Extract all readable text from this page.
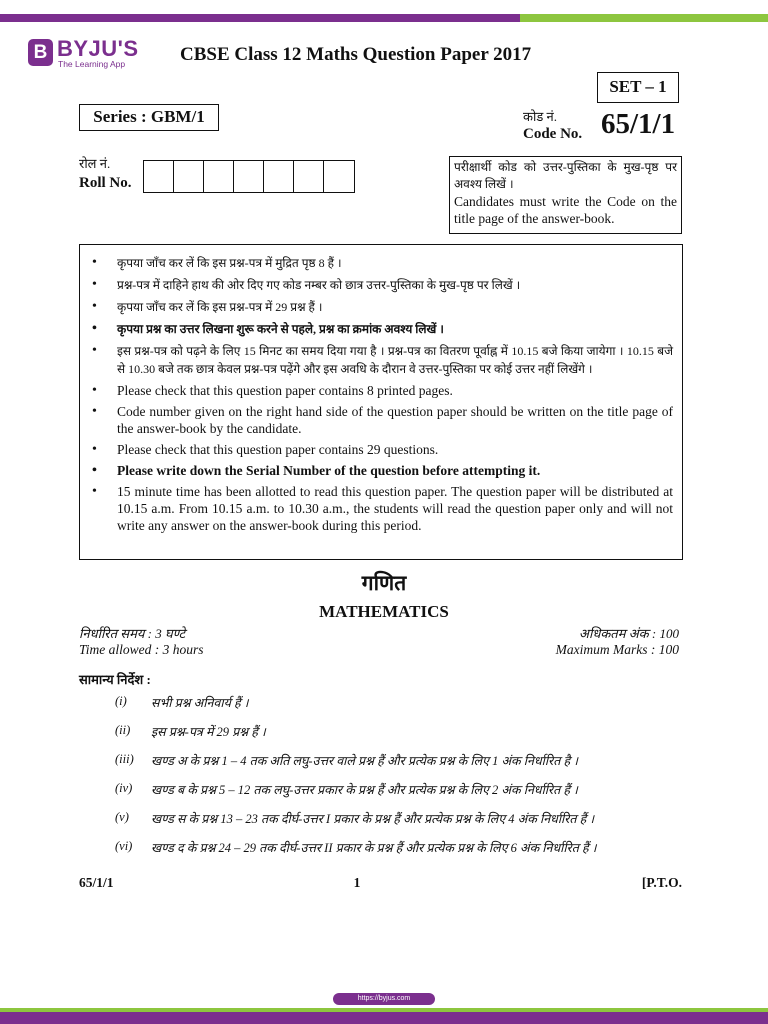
B BYJU'S
The Learning App	CBSE Class 12 Maths Question Paper 2017
SET – 1
Series : GBM/1	कोड नं.
Code No. 65/1/1
रोल नं.
Roll No.
परीक्षार्थी कोड को उत्तर-पुस्तिका के मुख-पृष्ठ पर अवश्य लिखें ।
Candidates must write the Code on the title page of the answer-book.
• कृपया जाँच कर लें कि इस प्रश्न-पत्र में मुद्रित पृष्ठ 8 हैं ।
• प्रश्न-पत्र में दाहिने हाथ की ओर दिए गए कोड नम्बर को छात्र उत्तर-पुस्तिका के मुख-पृष्ठ पर लिखें ।
• कृपया जाँच कर लें कि इस प्रश्न-पत्र में 29 प्रश्न हैं ।
• कृपया प्रश्न का उत्तर लिखना शुरू करने से पहले, प्रश्न का क्रमांक अवश्य लिखें ।
• इस प्रश्न-पत्र को पढ़ने के लिए 15 मिनट का समय दिया गया है । प्रश्न-पत्र का वितरण पूर्वाह्न में 10.15 बजे किया जायेगा । 10.15 बजे से 10.30 बजे तक छात्र केवल प्रश्न-पत्र पढ़ेंगे और इस अवधि के दौरान वे उत्तर-पुस्तिका पर कोई उत्तर नहीं लिखेंगे ।
• Please check that this question paper contains 8 printed pages.
• Code number given on the right hand side of the question paper should be written on the title page of the answer-book by the candidate.
• Please check that this question paper contains 29 questions.
• Please write down the Serial Number of the question before attempting it.
• 15 minute time has been allotted to read this question paper. The question paper will be distributed at 10.15 a.m. From 10.15 a.m. to 10.30 a.m., the students will read the question paper only and will not write any answer on the answer-book during this period.
गणित
MATHEMATICS
निर्धारित समय : 3 घण्टे
Time allowed : 3 hours
अधिकतम अंक : 100
Maximum Marks : 100
सामान्य निर्देश :
(i)	सभी प्रश्न अनिवार्य हैं ।
(ii)	इस प्रश्न-पत्र में 29 प्रश्न हैं ।
(iii)	खण्ड अ के प्रश्न 1 – 4 तक अति लघु-उत्तर वाले प्रश्न हैं और प्रत्येक प्रश्न के लिए 1 अंक निर्धारित है ।
(iv)	खण्ड ब के प्रश्न 5 – 12 तक लघु-उत्तर प्रकार के प्रश्न हैं और प्रत्येक प्रश्न के लिए 2 अंक निर्धारित हैं ।
(v)	खण्ड स के प्रश्न 13 – 23 तक दीर्घ-उत्तर I प्रकार के प्रश्न हैं और प्रत्येक प्रश्न के लिए 4 अंक निर्धारित हैं ।
(vi)	खण्ड द के प्रश्न 24 – 29 तक दीर्घ-उत्तर II प्रकार के प्रश्न हैं और प्रत्येक प्रश्न के लिए 6 अंक निर्धारित हैं ।
65/1/1	1	[P.T.O.
https://byjus.com
